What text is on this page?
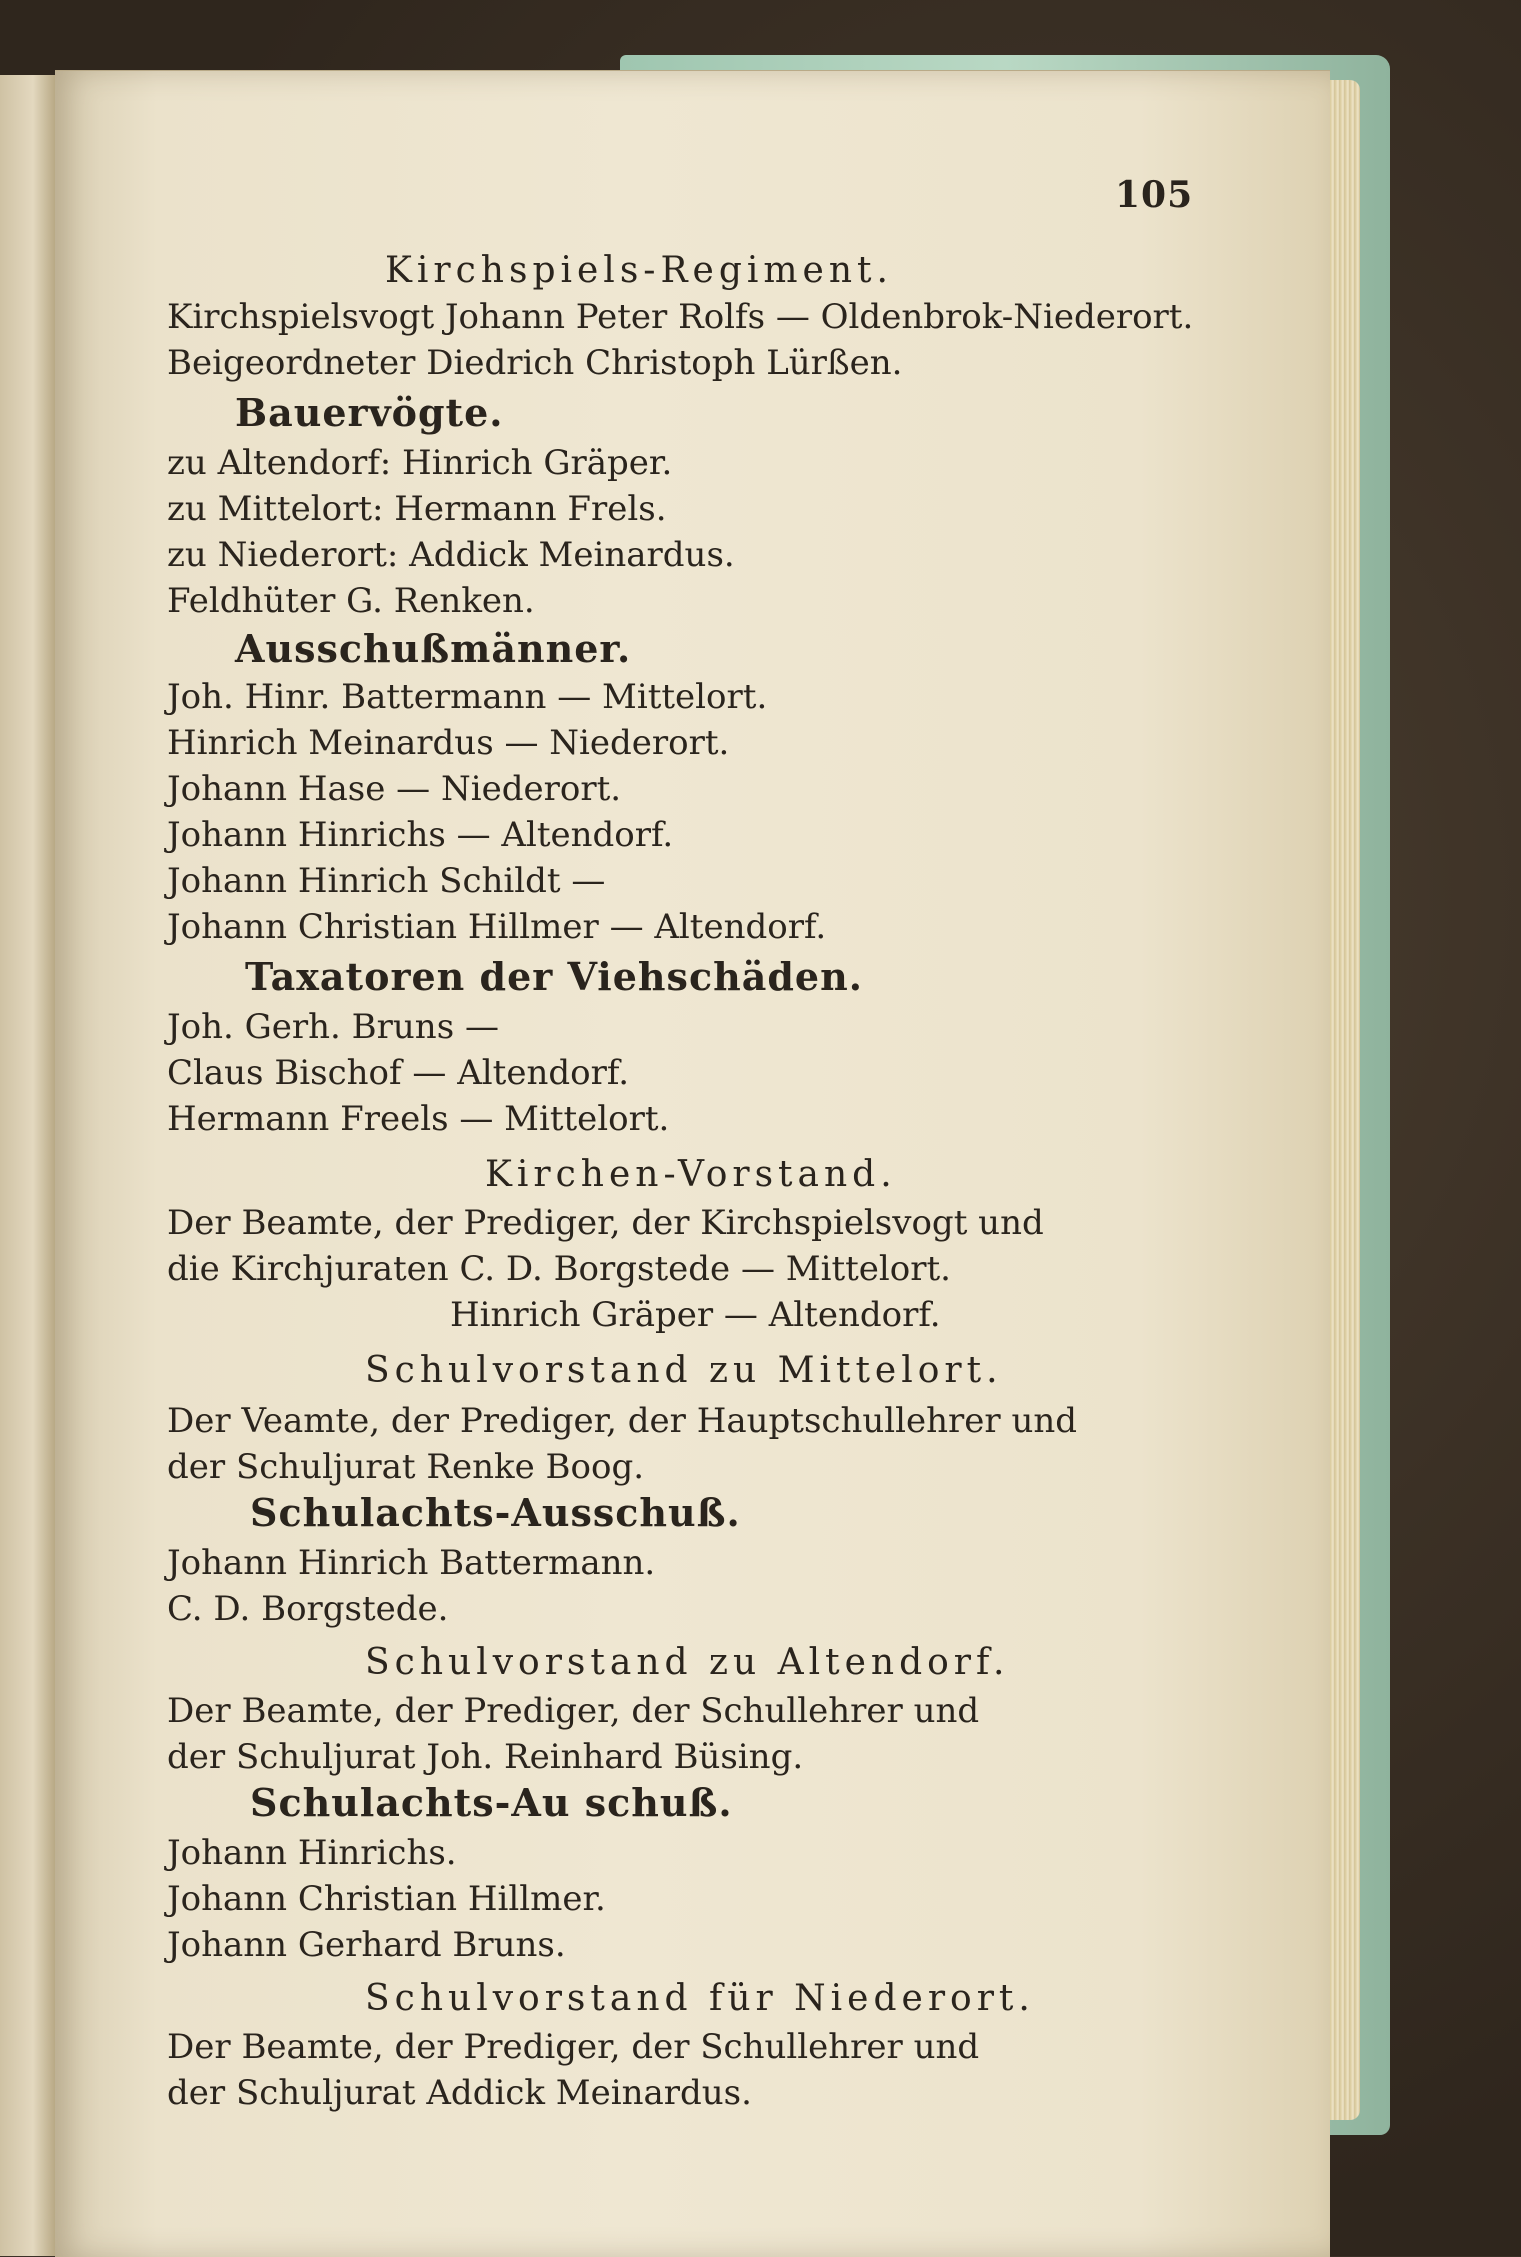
105
Kirchspiels-Regiment.
Kirchspielsvogt Johann Peter Rolfs — Oldenbrok-Niederort.
Beigeordneter Diedrich Christoph Lürßen.
Bauervögte.
zu Altendorf: Hinrich Gräper.
zu Mittelort: Hermann Frels.
zu Niederort: Addick Meinardus.
Feldhüter G. Renken.
Ausschußmänner.
Joh. Hinr. Battermann — Mittelort.
Hinrich Meinardus — Niederort.
Johann Hase — Niederort.
Johann Hinrichs — Altendorf.
Johann Hinrich Schildt —
Johann Christian Hillmer — Altendorf.
Taxatoren der Viehschäden.
Joh. Gerh. Bruns —
Claus Bischof — Altendorf.
Hermann Freels — Mittelort.
Kirchen-Vorstand.
Der Beamte, der Prediger, der Kirchspielsvogt und
die Kirchjuraten C. D. Borgstede — Mittelort.
Hinrich Gräper — Altendorf.
Schulvorstand zu Mittelort.
Der Veamte, der Prediger, der Hauptschullehrer und
der Schuljurat Renke Boog.
Schulachts-Ausschuß.
Johann Hinrich Battermann.
C. D. Borgstede.
Schulvorstand zu Altendorf.
Der Beamte, der Prediger, der Schullehrer und
der Schuljurat Joh. Reinhard Büsing.
Schulachts-Au schuß.
Johann Hinrichs.
Johann Christian Hillmer.
Johann Gerhard Bruns.
Schulvorstand für Niederort.
Der Beamte, der Prediger, der Schullehrer und
der Schuljurat Addick Meinardus.
